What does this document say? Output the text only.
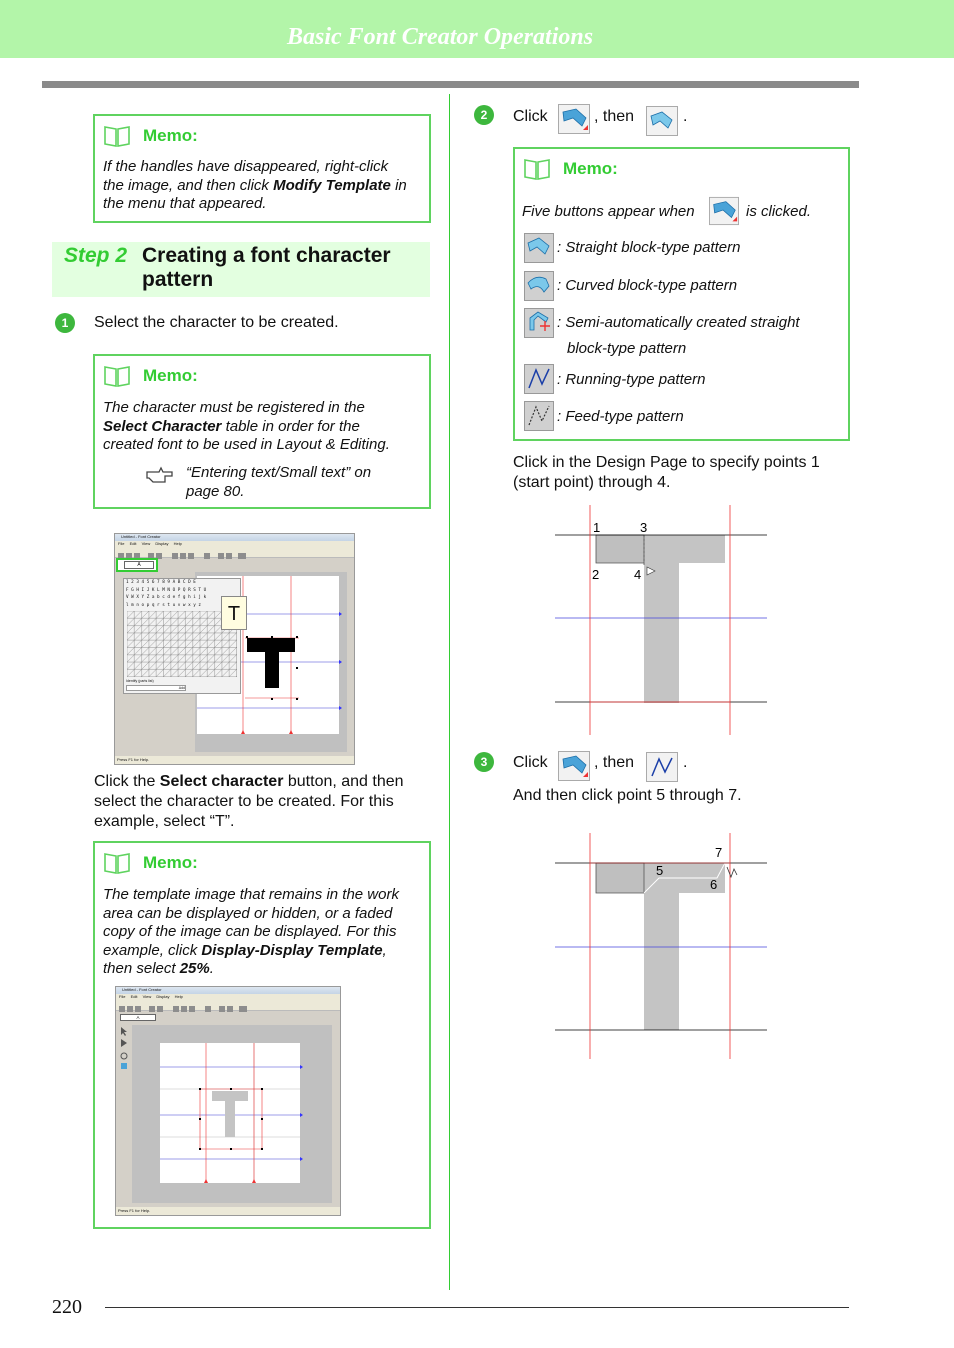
Basic Font Creator Operations
Memo:
If the handles have disappeared, right-click
the image, and then click Modify Template in
the menu that appeared.
Step 2 Creating a font character pattern
1	Select the character to be created.
Memo:
The character must be registered in the
Select Character table in order for the
created font to be used in Layout & Editing.
“Entering text/Small text” on
page 80.
Untitled - Font Creator
File Edit View Display Help
A
1 2 3 4 5 6 7 8 9 A B C D E
F G H I J K L M N O P Q R S T U
V W X Y Z a b c d e f g h i j k
l m n o p q r s t u v w x y z
Identify (parts list)
Add
T
Press F1 for Help.
Click the Select character button, and then
select the character to be created. For this
example, select “T”.
Memo:
The template image that remains in the work
area can be displayed or hidden, or a faded
copy of the image can be displayed. For this
example, click Display-Display Template,
then select 25%.
Untitled - Font Creator
File Edit View Display Help
A
Press F1 for Help.
2	Click	, then	.
Memo:
Five buttons appear when	is clicked.
: Straight block-type pattern
: Curved block-type pattern
: Semi-automatically created straight
block-type pattern
: Running-type pattern
: Feed-type pattern
Click in the Design Page to specify points 1
(start point) through 4.
1	3
2	4
3	Click	, then	.
And then click point 5 through 7.
7
5
6
220
